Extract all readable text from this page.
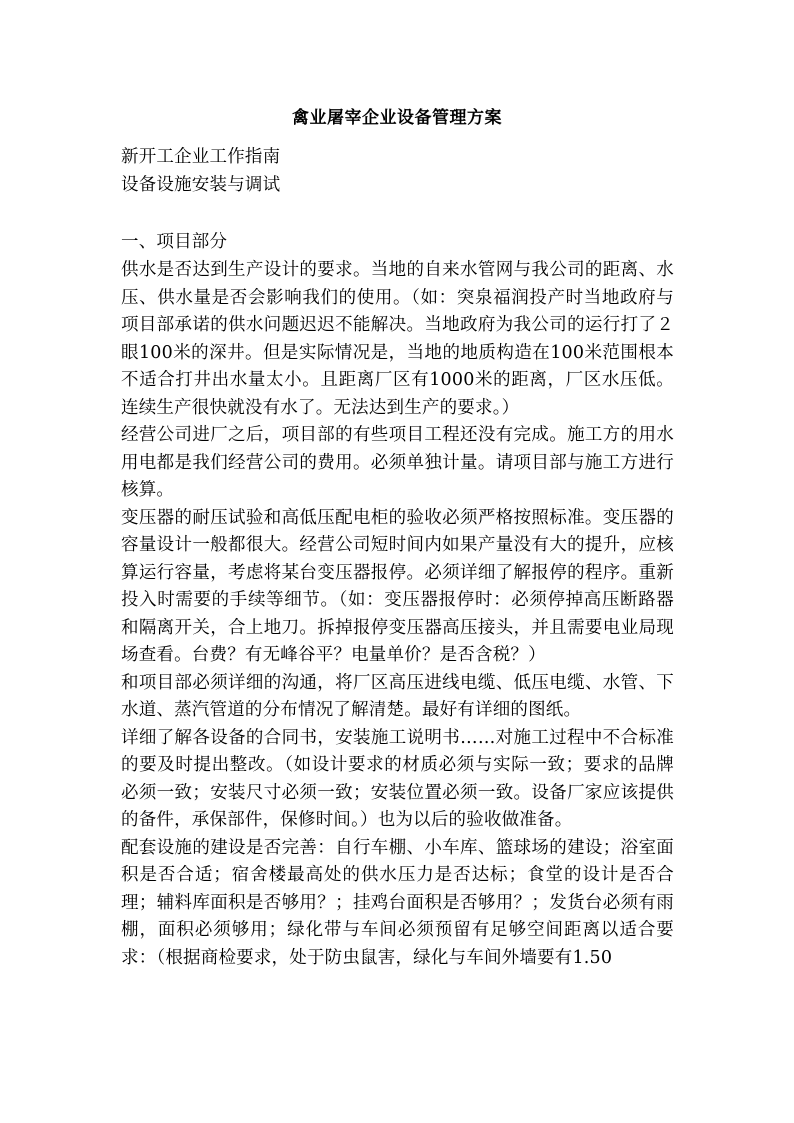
禽业屠宰企业设备管理方案
新开工企业工作指南
设备设施安装与调试
一、项目部分

供水是否达到生产设计的要求。当地的自来水管网与我公司的距离、水压、供水量是否会影响我们的使用。（如：突泉福润投产时当地政府与项目部承诺的供水问题迟迟不能解决。当地政府为我公司的运行打了２眼100米的深井。但是实际情况是，当地的地质构造在100米范围根本不适合打井出水量太小。且距离厂区有1000米的距离，厂区水压低。连续生产很快就没有水了。无法达到生产的要求。）

经营公司进厂之后，项目部的有些项目工程还没有完成。施工方的用水用电都是我们经营公司的费用。必须单独计量。请项目部与施工方进行核算。

变压器的耐压试验和高低压配电柜的验收必须严格按照标准。变压器的容量设计一般都很大。经营公司短时间内如果产量没有大的提升，应核算运行容量，考虑将某台变压器报停。必须详细了解报停的程序。重新投入时需要的手续等细节。（如：变压器报停时：必须停掉高压断路器和隔离开关，合上地刀。拆掉报停变压器高压接头，并且需要电业局现场查看。台费？有无峰谷平？电量单价？是否含税？）

和项目部必须详细的沟通，将厂区高压进线电缆、低压电缆、水管、下水道、蒸汽管道的分布情况了解清楚。最好有详细的图纸。

详细了解各设备的合同书，安装施工说明书……对施工过程中不合标准的要及时提出整改。（如设计要求的材质必须与实际一致；要求的品牌必须一致；安装尺寸必须一致；安装位置必须一致。设备厂家应该提供的备件，承保部件，保修时间。）也为以后的验收做准备。

配套设施的建设是否完善：自行车棚、小车库、篮球场的建设；浴室面积是否合适；宿舍楼最高处的供水压力是否达标；食堂的设计是否合理；辅料库面积是否够用？；挂鸡台面积是否够用？；发货台必须有雨棚，面积必须够用；绿化带与车间必须预留有足够空间距离以适合要求：（根据商检要求，处于防虫鼠害，绿化与车间外墙要有1.50
